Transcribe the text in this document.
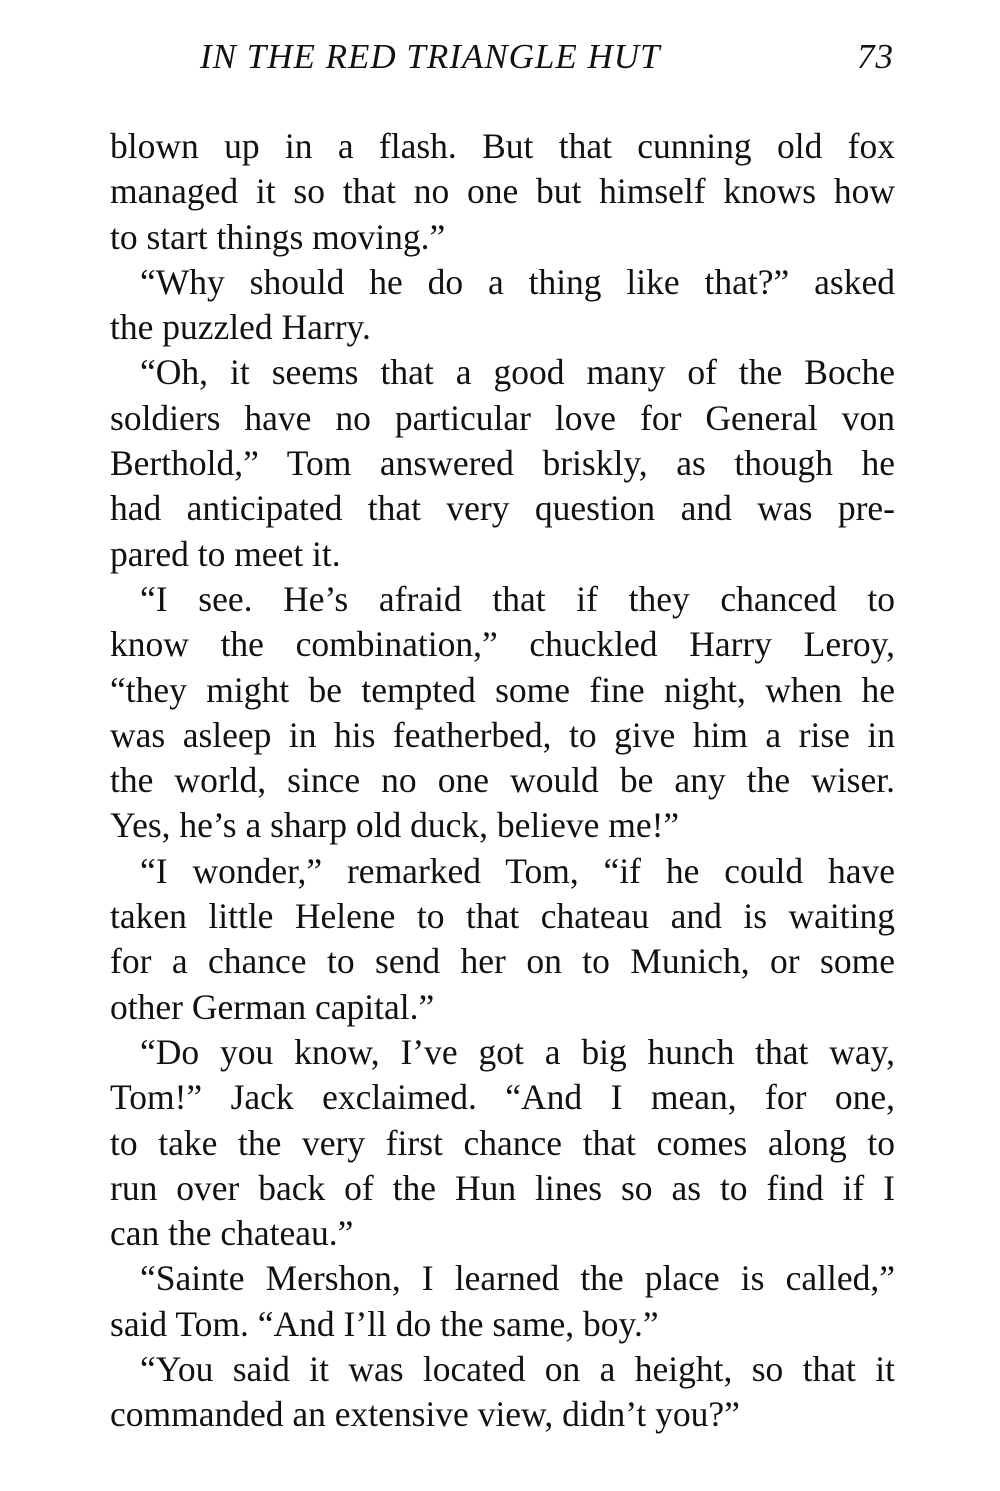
IN THE RED TRIANGLE HUT	73
blown up in a flash. But that cunning old fox
managed it so that no one but himself knows how
to start things moving.”
“Why should he do a thing like that?” asked
the puzzled Harry.
“Oh, it seems that a good many of the Boche
soldiers have no particular love for General von
Berthold,” Tom answered briskly, as though he
had anticipated that very question and was pre-
pared to meet it.
“I see. He’s afraid that if they chanced to
know the combination,” chuckled Harry Leroy,
“they might be tempted some fine night, when he
was asleep in his featherbed, to give him a rise in
the world, since no one would be any the wiser.
Yes, he’s a sharp old duck, believe me!”
“I wonder,” remarked Tom, “if he could have
taken little Helene to that chateau and is waiting
for a chance to send her on to Munich, or some
other German capital.”
“Do you know, I’ve got a big hunch that way,
Tom!” Jack exclaimed. “And I mean, for one,
to take the very first chance that comes along to
run over back of the Hun lines so as to find if I
can the chateau.”
“Sainte Mershon, I learned the place is called,”
said Tom. “And I’ll do the same, boy.”
“You said it was located on a height, so that it
commanded an extensive view, didn’t you?”
